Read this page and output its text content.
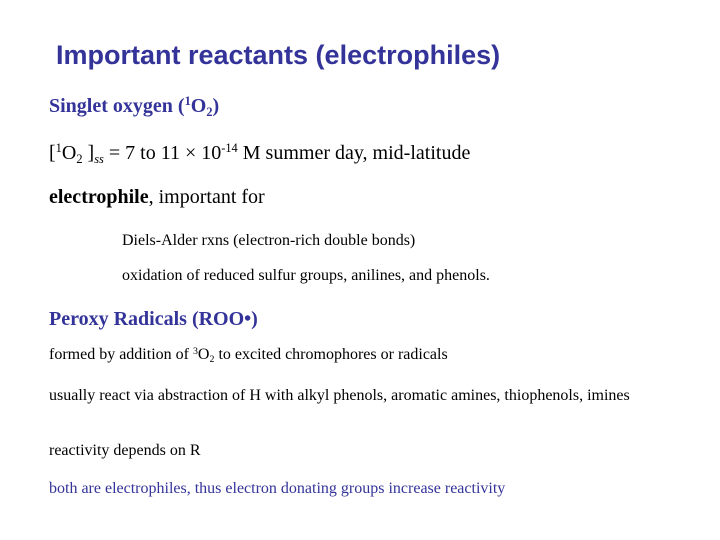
Important reactants (electrophiles)
Singlet oxygen $(^1O_2)$
[$^1O_2$ ]$_{ss} = 7$ to $11 \times 10^{-14}$ M summer day, mid-latitude
electrophile, important for
Diels-Alder rxns (electron-rich double bonds)
oxidation of reduced sulfur groups, anilines, and phenols.
Peroxy Radicals (ROO•)
formed by addition of $^3O_2$ to excited chromophores or radicals
usually react via abstraction of H with alkyl phenols, aromatic amines, thiophenols, imines
reactivity depends on R
both are electrophiles, thus electron donating groups increase reactivity
